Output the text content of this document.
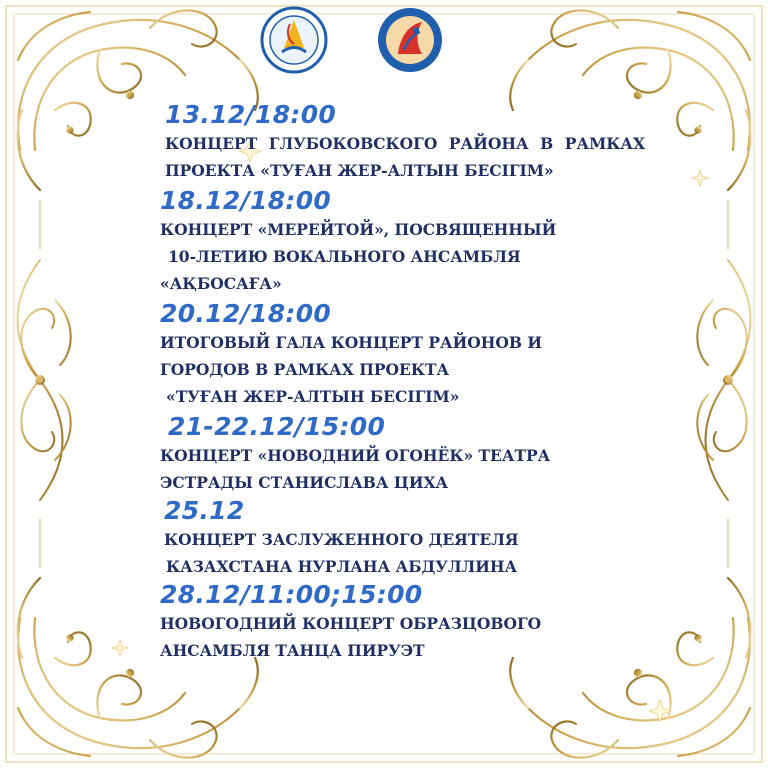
13.12/18:00
КОНЦЕРТ ГЛУБОКОВСКОГО РАЙОНА В РАМКАХ
ПРОЕКТА «ТУҒАН ЖЕР-АЛТЫН БЕСІГІМ»
18.12/18:00
КОНЦЕРТ «МЕРЕЙТОЙ», ПОСВЯЩЕННЫЙ
10-ЛЕТИЮ ВОКАЛЬНОГО АНСАМБЛЯ
«АҚБОСАҒА»
20.12/18:00
ИТОГОВЫЙ ГАЛА КОНЦЕРТ РАЙОНОВ И
ГОРОДОВ В РАМКАХ ПРОЕКТА
«ТУҒАН ЖЕР-АЛТЫН БЕСІГІМ»
21-22.12/15:00
КОНЦЕРТ «НОВОДНИЙ ОГОНЁК» ТЕАТРА
ЭСТРАДЫ СТАНИСЛАВА ЦИХА
25.12
КОНЦЕРТ ЗАСЛУЖЕННОГО ДЕЯТЕЛЯ
КАЗАХСТАНА НУРЛАНА АБДУЛЛИНА
28.12/11:00;15:00
НОВОГОДНИЙ КОНЦЕРТ ОБРАЗЦОВОГО
АНСАМБЛЯ ТАНЦА ПИРУЭТ
